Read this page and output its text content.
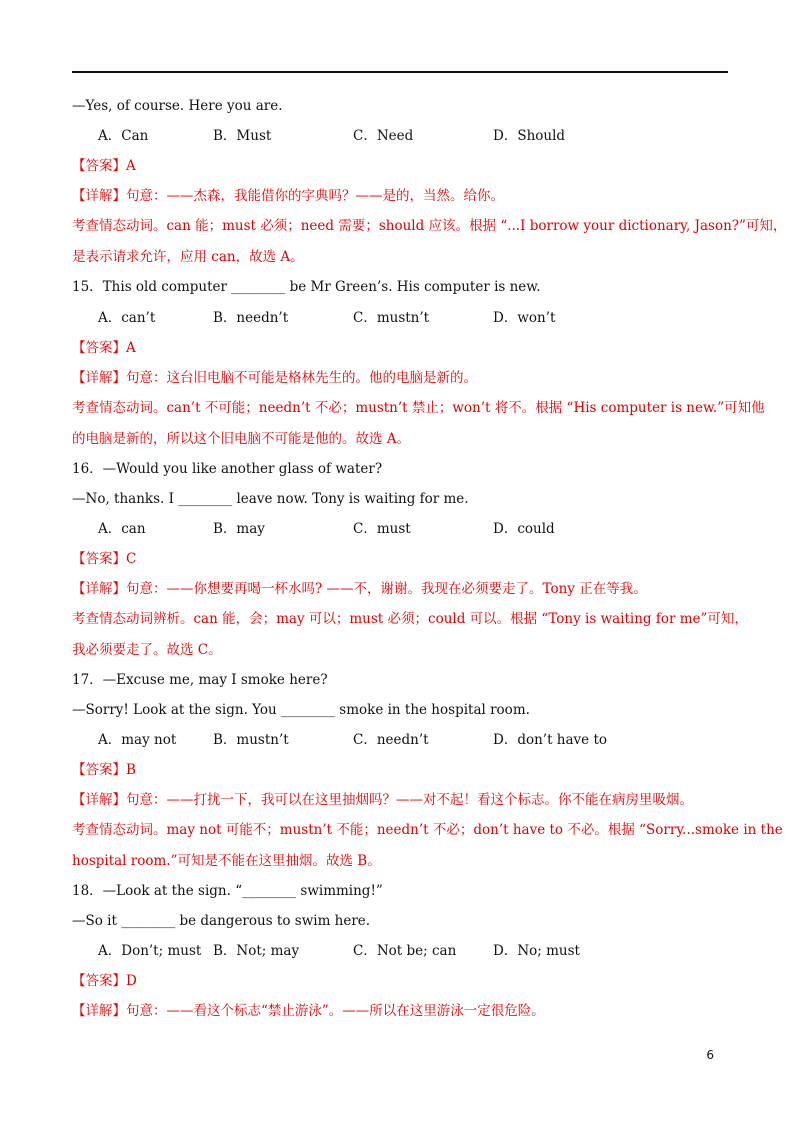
—Yes, of course. Here you are.
A．Can	B．Must	C．Need	D．Should
【答案】A
【详解】句意：——杰森，我能借你的字典吗？——是的，当然。给你。
考查情态动词。can 能；must 必须；need 需要；should 应该。根据 “...I borrow your dictionary, Jason?”可知，
是表示请求允许，应用 can，故选 A。
15．This old computer ________ be Mr Green’s. His computer is new.
A．can’t	B．needn’t	C．mustn’t	D．won’t
【答案】A
【详解】句意：这台旧电脑不可能是格林先生的。他的电脑是新的。
考查情态动词。can’t 不可能；needn’t 不必；mustn’t 禁止；won’t 将不。根据 “His computer is new.”可知他
的电脑是新的，所以这个旧电脑不可能是他的。故选 A。
16．—Would you like another glass of water?
—No, thanks. I ________ leave now. Tony is waiting for me.
A．can	B．may	C．must	D．could
【答案】C
【详解】句意：——你想要再喝一杯水吗? ——不，谢谢。我现在必须要走了。Tony 正在等我。
考查情态动词辨析。can 能，会；may 可以；must 必须；could 可以。根据 “Tony is waiting for me”可知，
我必须要走了。故选 C。
17．—Excuse me, may I smoke here?
—Sorry! Look at the sign. You ________ smoke in the hospital room.
A．may not	B．mustn’t	C．needn’t	D．don’t have to
【答案】B
【详解】句意：——打扰一下，我可以在这里抽烟吗？——对不起！看这个标志。你不能在病房里吸烟。
考查情态动词。may not 可能不；mustn’t 不能；needn’t 不必；don’t have to 不必。根据 “Sorry...smoke in the
hospital room.”可知是不能在这里抽烟。故选 B。
18．—Look at the sign. “________ swimming!”
—So it ________ be dangerous to swim here.
A．Don’t; must B．Not; may	C．Not be; can	D．No; must
【答案】D
【详解】句意：——看这个标志“禁止游泳”。——所以在这里游泳一定很危险。
6
